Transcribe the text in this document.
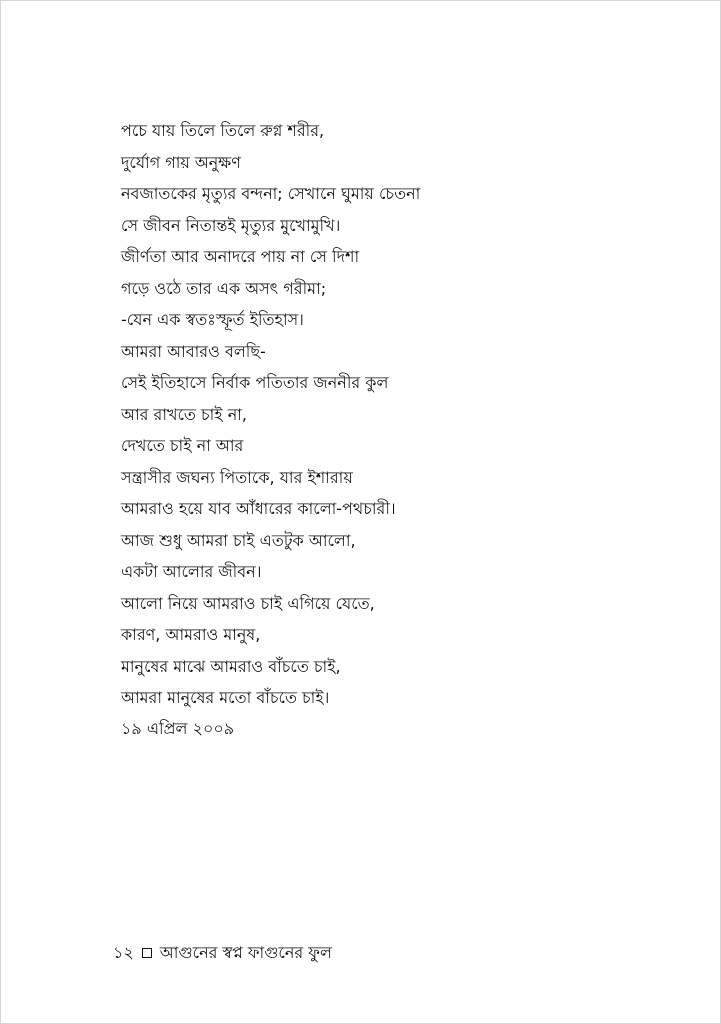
পচে যায় তিলে তিলে রুগ্ন শরীর,
দুর্যোগ গায় অনুক্ষণ
নবজাতকের মৃত্যুর বন্দনা; সেখানে ঘুমায় চেতনা
সে জীবন নিতান্তই মৃত্যুর মুখোমুখি।
জীর্ণতা আর অনাদরে পায় না সে দিশা
গড়ে ওঠে তার এক অসৎ গরীমা;
-যেন এক স্বতঃস্ফূর্ত ইতিহাস।
আমরা আবারও বলছি-
সেই ইতিহাসে নির্বাক পতিতার জননীর কুল
আর রাখতে চাই না,
দেখতে চাই না আর
সন্ত্রাসীর জঘন্য পিতাকে, যার ইশারায়
আমরাও হয়ে যাব আঁধারের কালো-পথচারী।
আজ শুধু আমরা চাই এতটুক আলো,
একটা আলোর জীবন।
আলো নিয়ে আমরাও চাই এগিয়ে যেতে,
কারণ, আমরাও মানুষ,
মানুষের মাঝে আমরাও বাঁচতে চাই,
আমরা মানুষের মতো বাঁচতে চাই।
১৯ এপ্রিল ২০০৯
১২ আগুনের স্বপ্ন ফাগুনের ফুল
